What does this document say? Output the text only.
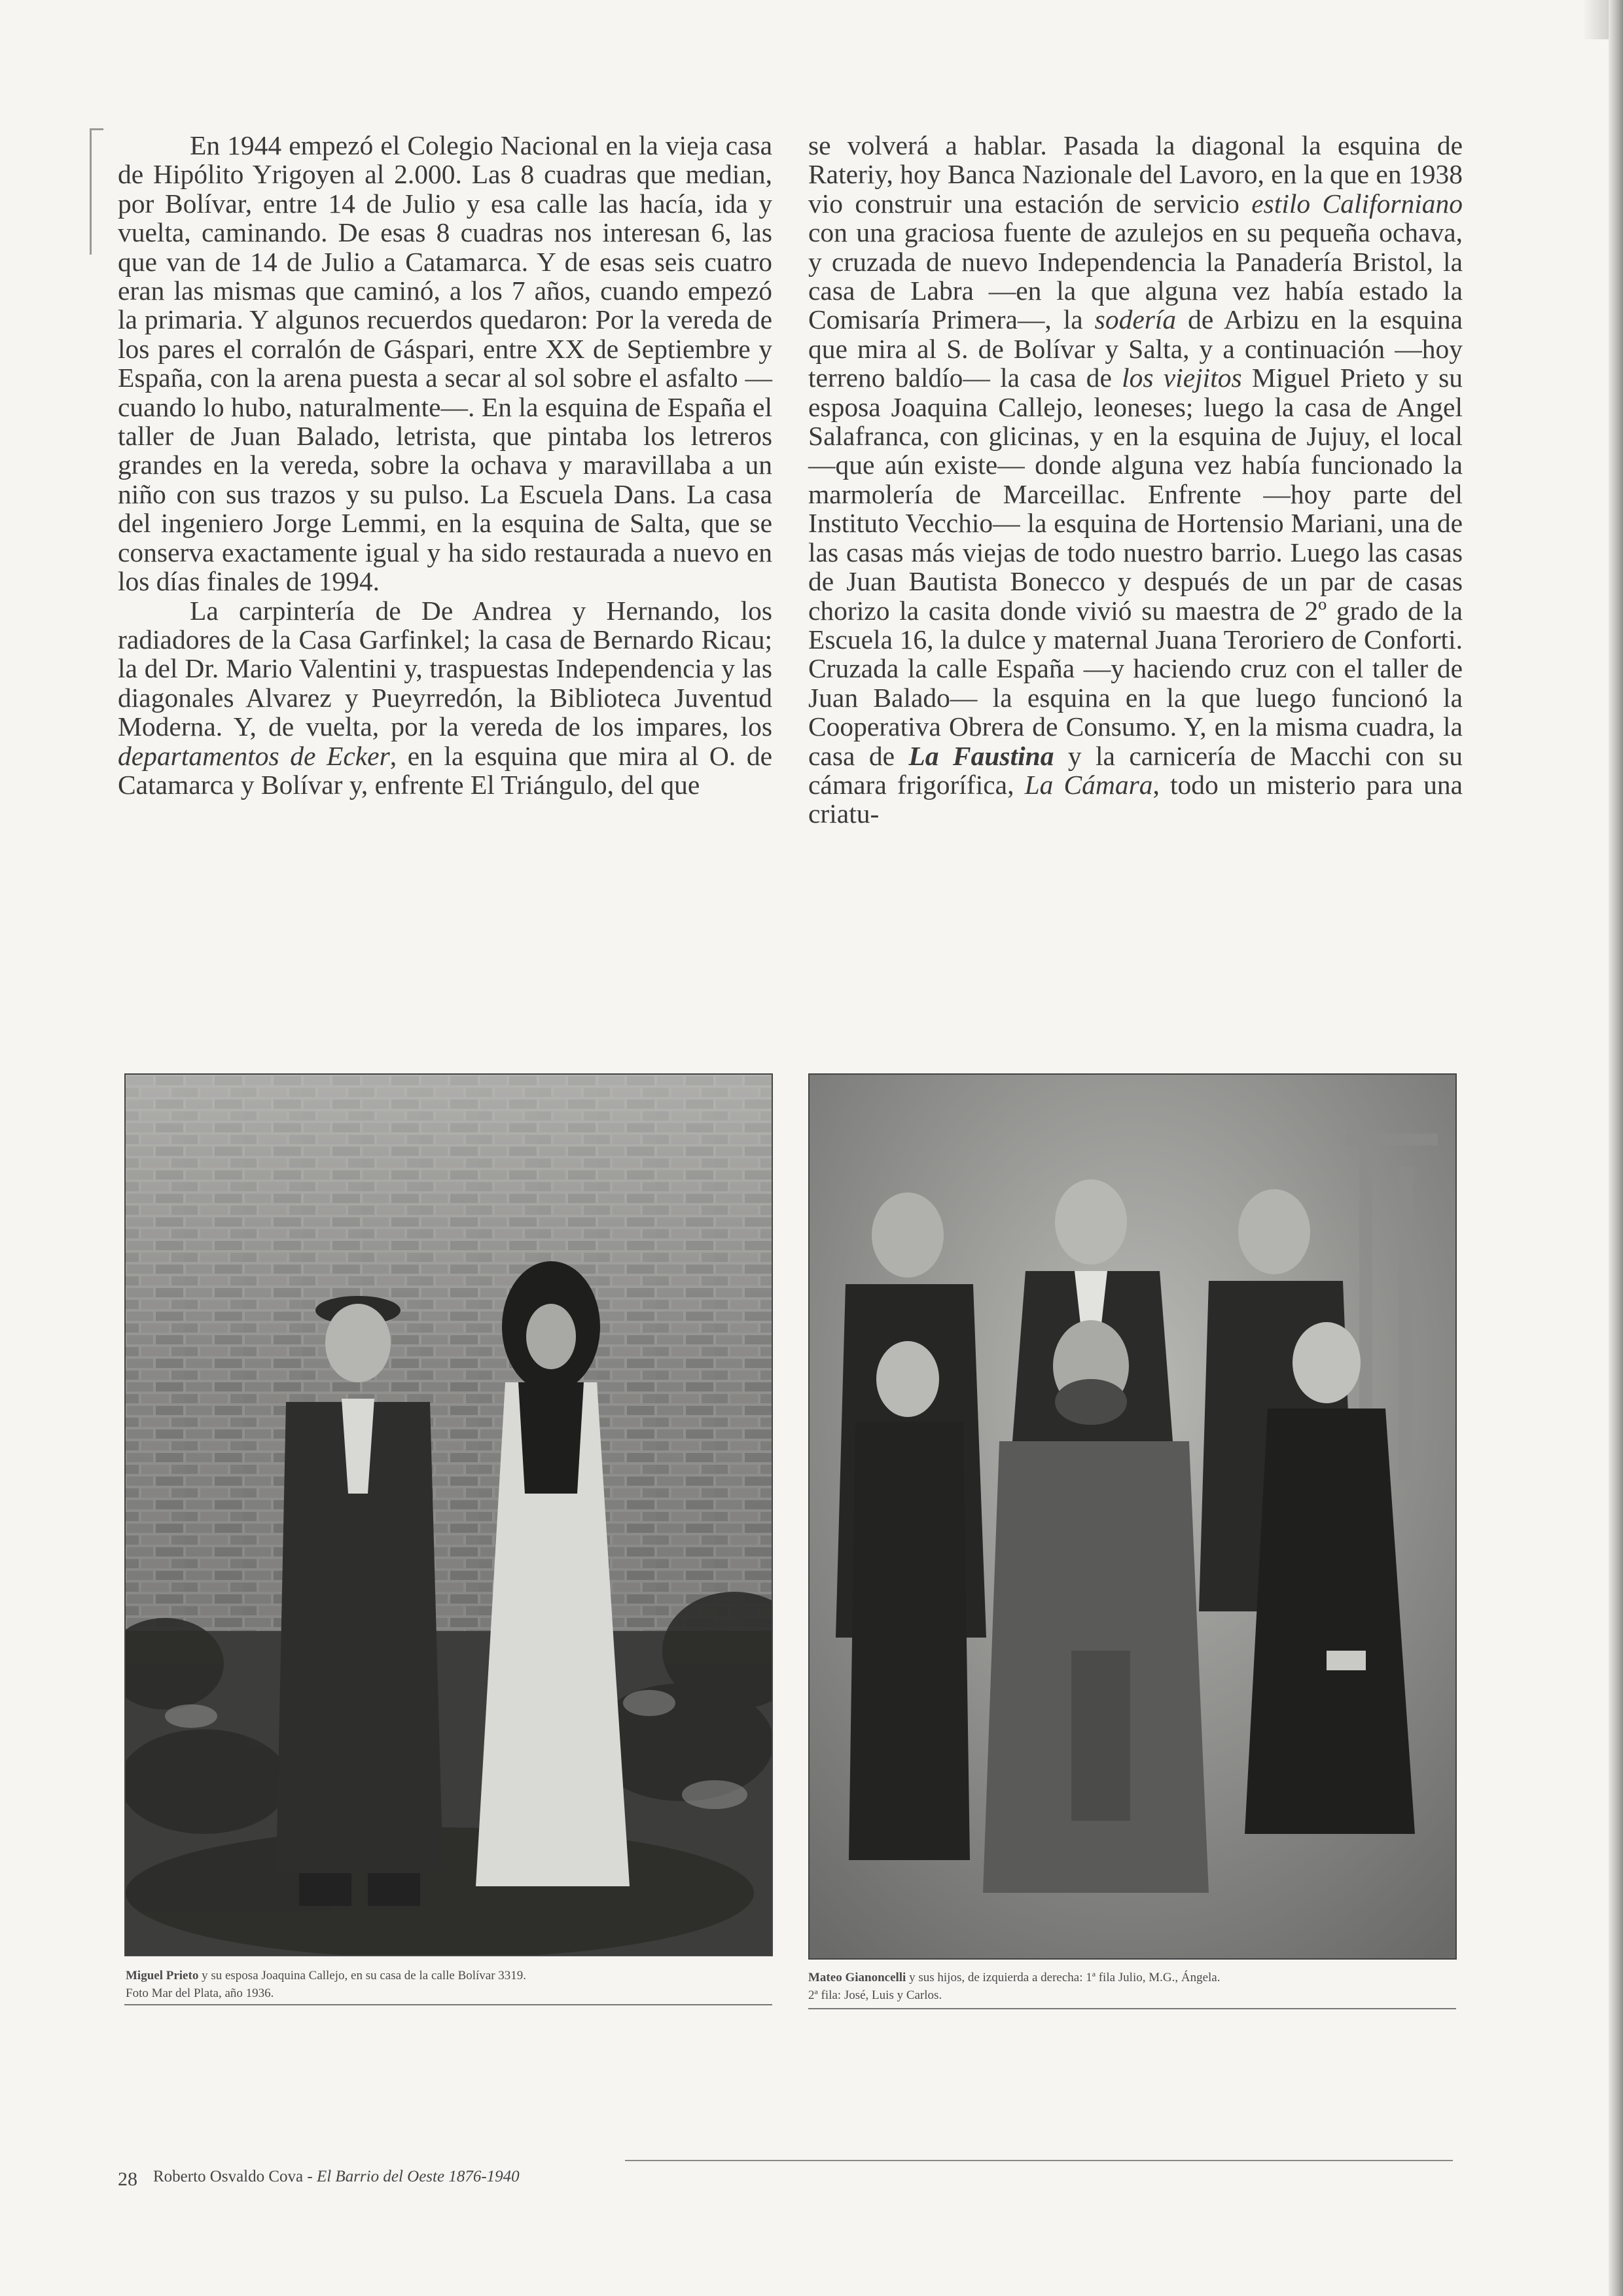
En 1944 empezó el Colegio Nacional en la vieja casa de Hipólito Yrigoyen al 2.000. Las 8 cuadras que median, por Bolívar, entre 14 de Julio y esa calle las hacía, ida y vuelta, caminando. De esas 8 cuadras nos interesan 6, las que van de 14 de Julio a Catamarca. Y de esas seis cuatro eran las mismas que caminó, a los 7 años, cuando empezó la primaria. Y algunos recuerdos quedaron: Por la vereda de los pares el corralón de Gáspari, entre XX de Septiembre y España, con la arena puesta a secar al sol sobre el asfalto —cuando lo hubo, naturalmente—. En la esquina de España el taller de Juan Balado, letrista, que pintaba los letreros grandes en la vereda, sobre la ochava y maravillaba a un niño con sus trazos y su pulso. La Escuela Dans. La casa del ingeniero Jorge Lemmi, en la esquina de Salta, que se conserva exactamente igual y ha sido restaurada a nuevo en los días finales de 1994.

La carpintería de De Andrea y Hernando, los radiadores de la Casa Garfinkel; la casa de Bernardo Ricau; la del Dr. Mario Valentini y, traspuestas Independencia y las diagonales Alvarez y Pueyrredón, la Biblioteca Juventud Moderna. Y, de vuelta, por la vereda de los impares, los departamentos de Ecker, en la esquina que mira al O. de Catamarca y Bolívar y, enfrente El Triángulo, del que

se volverá a hablar. Pasada la diagonal la esquina de Rateriy, hoy Banca Nazionale del Lavoro, en la que en 1938 vio construir una estación de servicio estilo Californiano con una graciosa fuente de azulejos en su pequeña ochava, y cruzada de nuevo Independencia la Panadería Bristol, la casa de Labra —en la que alguna vez había estado la Comisaría Primera—, la sodería de Arbizu en la esquina que mira al S. de Bolívar y Salta, y a continuación —hoy terreno baldío— la casa de los viejitos Miguel Prieto y su esposa Joaquina Callejo, leoneses; luego la casa de Angel Salafranca, con glicinas, y en la esquina de Jujuy, el local —que aún existe— donde alguna vez había funcionado la marmolería de Marceillac. Enfrente —hoy parte del Instituto Vecchio— la esquina de Hortensio Mariani, una de las casas más viejas de todo nuestro barrio. Luego las casas de Juan Bautista Bonecco y después de un par de casas chorizo la casita donde vivió su maestra de 2º grado de la Escuela 16, la dulce y maternal Juana Teroriero de Conforti. Cruzada la calle España —y haciendo cruz con el taller de Juan Balado— la esquina en la que luego funcionó la Cooperativa Obrera de Consumo. Y, en la misma cuadra, la casa de La Faustina y la carnicería de Macchi con su cámara frigorífica, La Cámara, todo un misterio para una criatu-

Miguel Prieto y su esposa Joaquina Callejo, en su casa de la calle Bolívar 3319.
Foto Mar del Plata, año 1936.
Mateo Gianoncelli y sus hijos, de izquierda a derecha: 1ª fila Julio, M.G., Ángela.
2ª fila: José, Luis y Carlos.
28 Roberto Osvaldo Cova - El Barrio del Oeste 1876-1940
